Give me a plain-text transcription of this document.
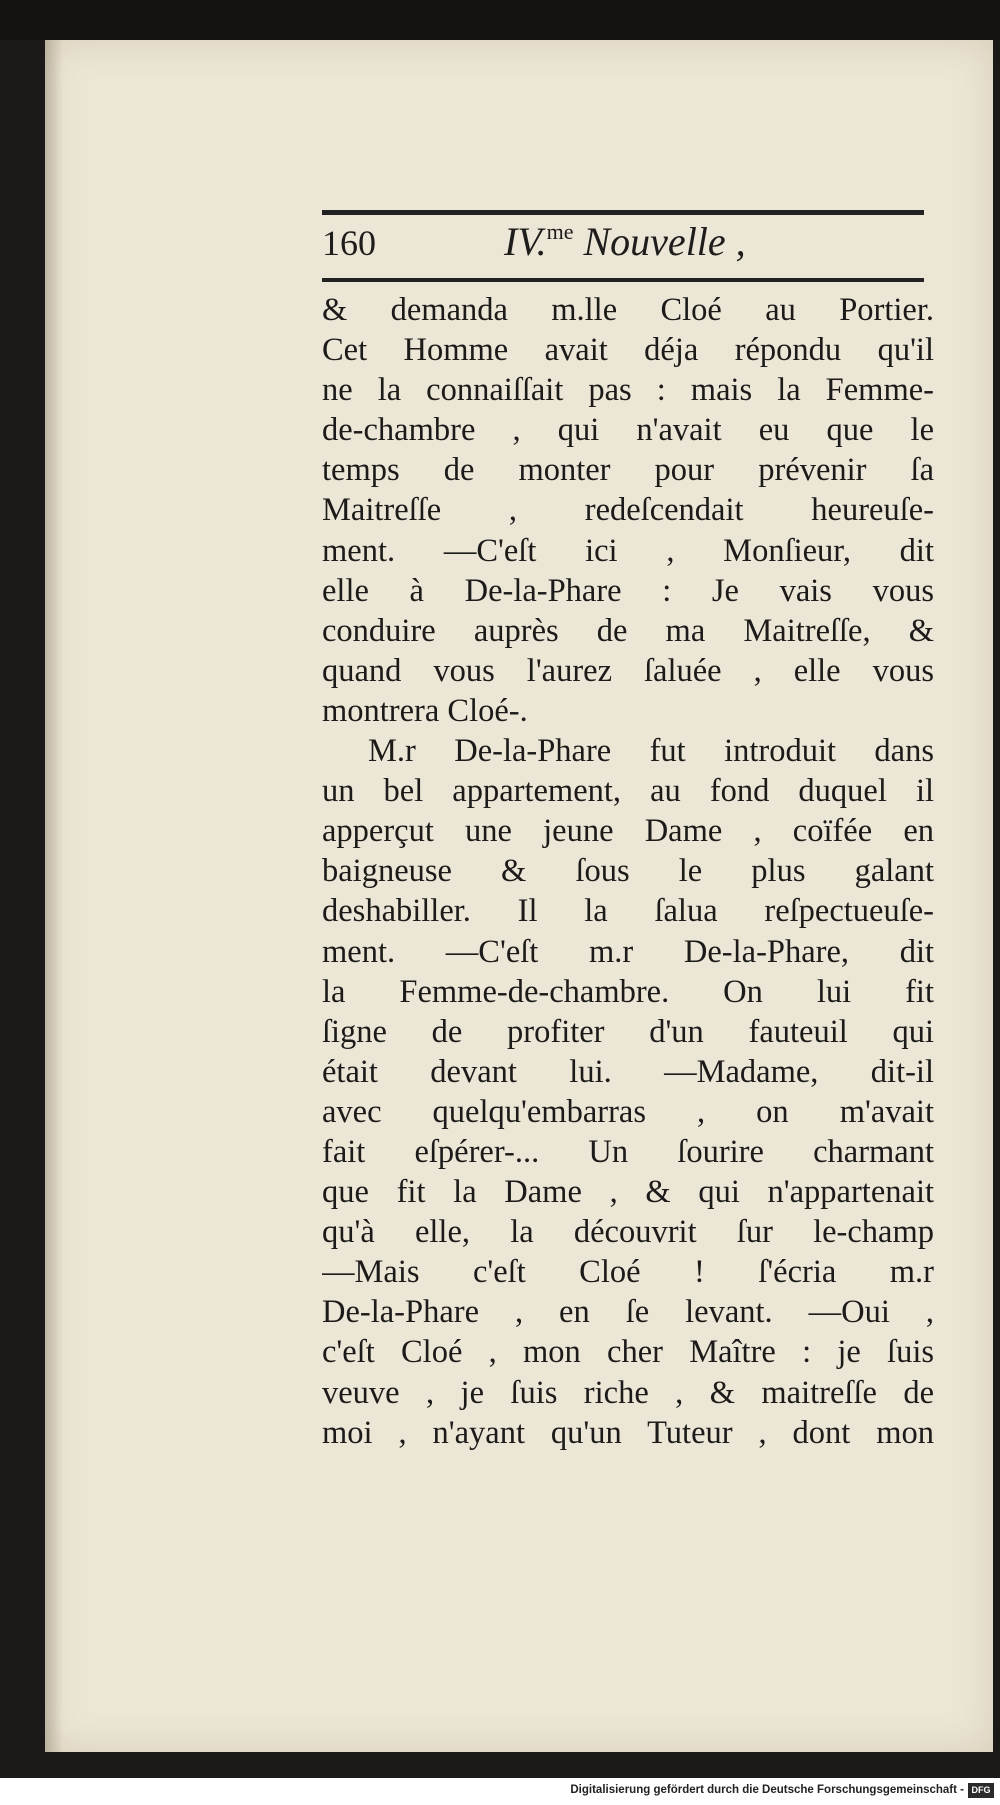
160	IV.$^{me}$ Nouvelle ,
& demanda m.lle Cloé au Portier.
Cet Homme avait déja répondu qu'il
ne la connaiſſait pas : mais la Femme-
de-chambre , qui n'avait eu que le
temps de monter pour prévenir ſa
Maitreſſe , redeſcendait heureuſe-
ment. —C'eſt ici , Monſieur, dit
elle à De-la-Phare : Je vais vous
conduire auprès de ma Maitreſſe, &
quand vous l'aurez ſaluée , elle vous
montrera Cloé-.
M.r De-la-Phare fut introduit dans
un bel appartement, au fond duquel il
apperçut une jeune Dame , coïfée en
baigneuse & ſous le plus galant
deshabiller. Il la ſalua reſpectueuſe-
ment. —C'eſt m.r De-la-Phare, dit
la Femme-de-chambre. On lui fit
ſigne de profiter d'un fauteuil qui
était devant lui. —Madame, dit-il
avec quelqu'embarras , on m'avait
fait eſpérer-... Un ſourire charmant
que fit la Dame , & qui n'appartenait
qu'à elle, la découvrit ſur le-champ
—Mais c'eſt Cloé ! ſ'écria m.r
De-la-Phare , en ſe levant. —Oui ,
c'eſt Cloé , mon cher Maître : je ſuis
veuve , je ſuis riche , & maitreſſe de
moi , n'ayant qu'un Tuteur , dont mon
Digitalisierung gefördert durch die Deutsche Forschungsgemeinschaft - DFG
